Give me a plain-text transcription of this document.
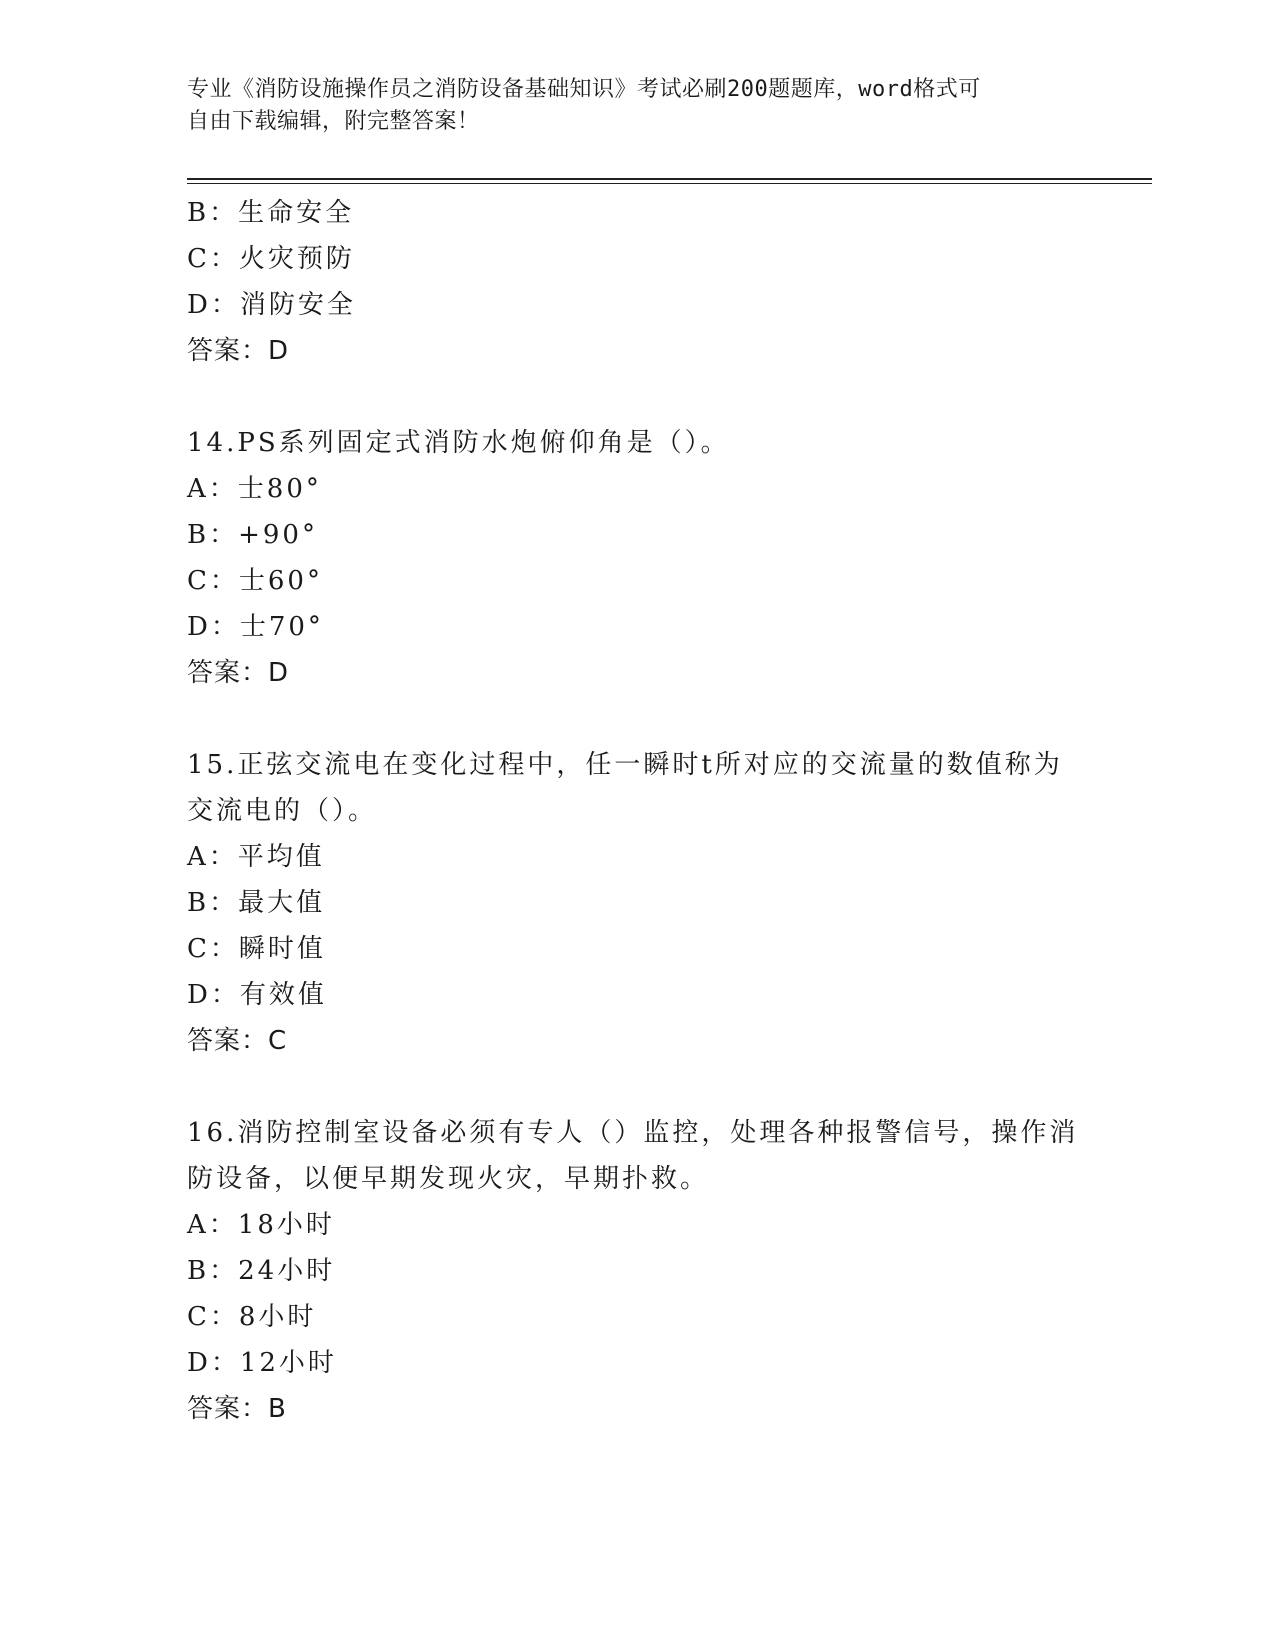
专业《消防设施操作员之消防设备基础知识》考试必刷200题题库，word格式可
自由下载编辑，附完整答案！
B：生命安全
C：火灾预防
D：消防安全
答案：D
14.PS系列固定式消防水炮俯仰角是（）。
A：士80°
B：+90°
C：士60°
D：士70°
答案：D
15.正弦交流电在变化过程中，任一瞬时t所对应的交流量的数值称为
交流电的（）。
A：平均值
B：最大值
C：瞬时值
D：有效值
答案：C
16.消防控制室设备必须有专人（）监控，处理各种报警信号，操作消
防设备，以便早期发现火灾，早期扑救。
A：18小时
B：24小时
C：8小时
D：12小时
答案：B
